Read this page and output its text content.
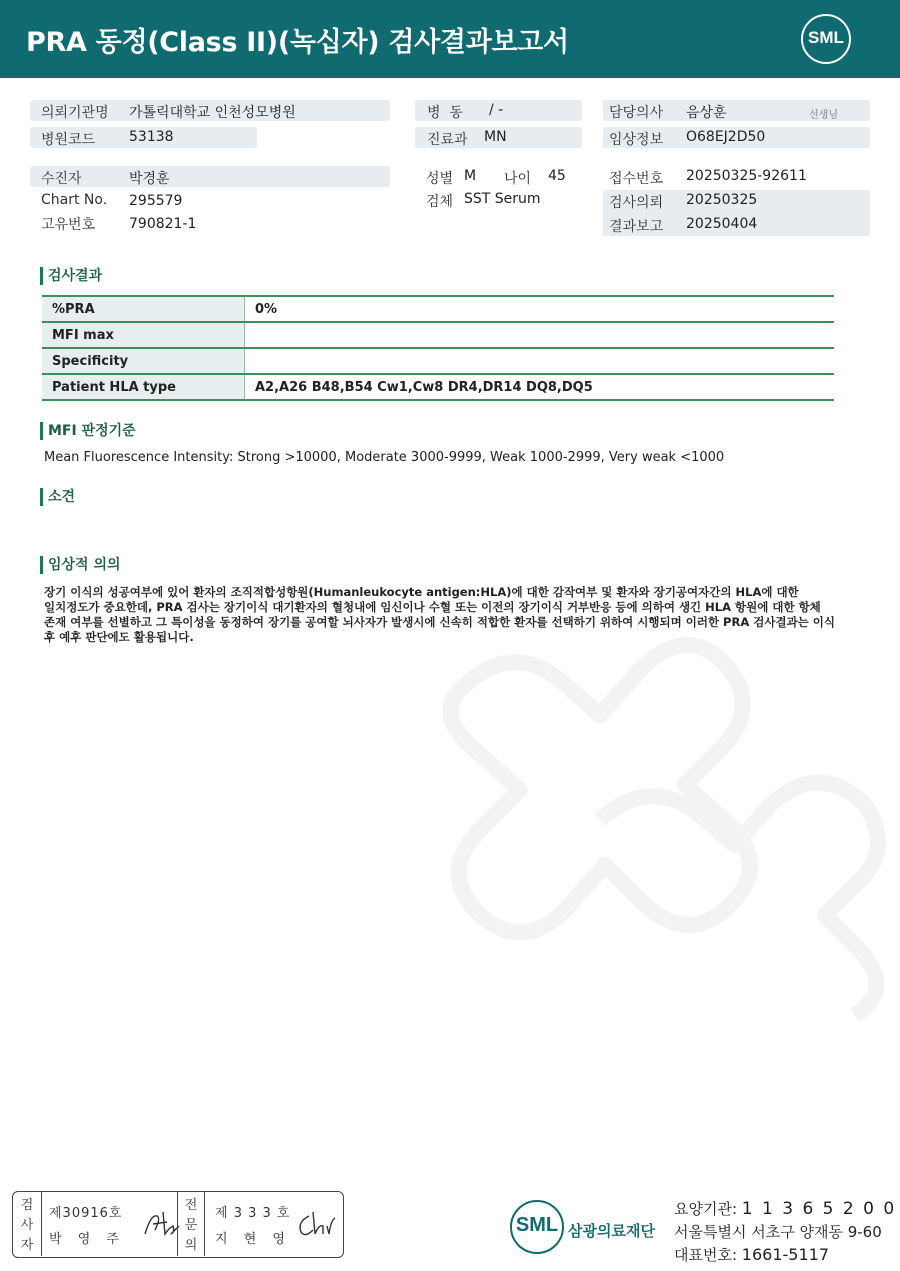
PRA 동정(Class II)(녹십자) 검사결과보고서	SML
의뢰기관명 가톨릭대학교 인천성모병원	병  동 / -	담당의사 음상훈	선생님
병원코드 53138	진료과 MN	임상정보 O68EJ2D50
수진자	박경훈
Chart No. 295579
고유번호 790821-1
성별 M 나이 45
검체 SST Serum
접수번호 20250325-92611
검사의뢰 20250325
결과보고 20250404
검사결과
%PRA	0%
MFI max	
Specificity	
Patient HLA type	A2,A26 B48,B54 Cw1,Cw8 DR4,DR14 DQ8,DQ5
MFI 판정기준
Mean Fluorescence Intensity: Strong >10000, Moderate 3000-9999, Weak 1000-2999, Very weak <1000
소견
임상적 의의
장기 이식의 성공여부에 있어 환자의 조직적합성항원(Humanleukocyte antigen:HLA)에 대한 감작여부 및 환자와 장기공여자간의 HLA에 대한
일치정도가 중요한데, PRA 검사는 장기이식 대기환자의 혈청내에 임신이나 수혈 또는 이전의 장기이식 거부반응 등에 의하여 생긴 HLA 항원에 대한 항체
존재 여부를 선별하고 그 특이성을 동정하여 장기를 공여할 뇌사자가 발생시에 신속히 적합한 환자를 선택하기 위하여 시행되며 이러한 PRA 검사결과는 이식
후 예후 판단에도 활용됩니다.
검사자
제30916호
박 영 주
전문의
제 3 3 3 호
지 현 영
SML 삼광의료재단
요양기관: 1 1 3 6 5 2 0 0
서울특별시 서초구 양재동 9-60
대표번호: 1661-5117
